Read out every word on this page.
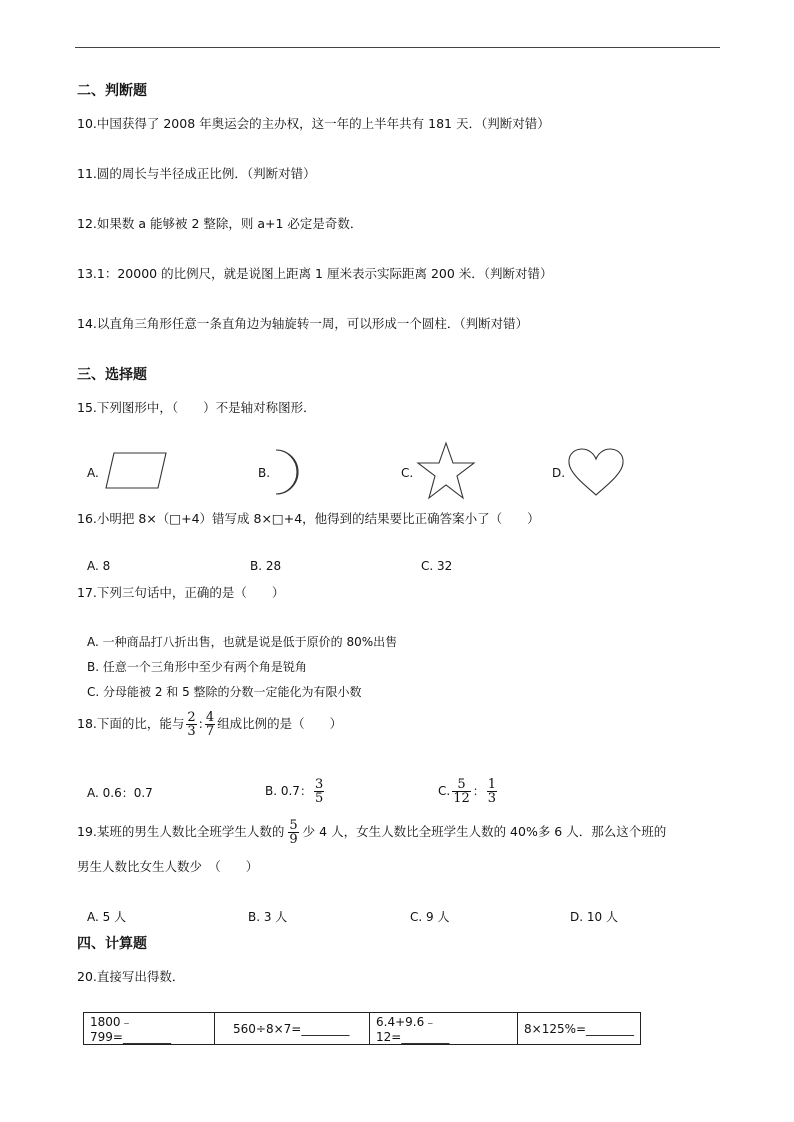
二、判断题
10.中国获得了 2008 年奥运会的主办权，这一年的上半年共有 181 天．（判断对错）
11.圆的周长与半径成正比例．（判断对错）
12.如果数 a 能够被 2 整除，则 a+1 必定是奇数．
13.1：20000 的比例尺，就是说图上距离 1 厘米表示实际距离 200 米．（判断对错）
14.以直角三角形任意一条直角边为轴旋转一周，可以形成一个圆柱．（判断对错）
三、选择题
15.下列图形中，（　　）不是轴对称图形．
A.	B.	C.	D.
16.小明把 8×（□+4）错写成 8×□+4，他得到的结果要比正确答案小了（　　）
A. 8	B. 28	C. 32
17.下列三句话中，正确的是（　　）
A. 一种商品打八折出售，也就是说是低于原价的 80%出售
B. 任意一个三角形中至少有两个角是锐角
C. 分母能被 2 和 5 整除的分数一定能化为有限小数
18.下面的比，能与 $\frac{2}{3}$ : $\frac{4}{7}$ 组成比例的是（　　）
A. 0.6：0.7	B. 0.7： $\frac{3}{5}$	C. $\frac{5}{12}$ ： $\frac{1}{3}$
19.某班的男生人数比全班学生人数的 $\frac{5}{9}$ 少 4 人，女生人数比全班学生人数的 40%多 6 人．那么这个班的
男生人数比女生人数少　（　　）
A. 5 人	B. 3 人	C. 9 人	D. 10 人
四、计算题
20.直接写出得数．
1800﹣ 799=________	560÷8×7=________	6.4+9.6﹣ 12=________	8×125%=________
